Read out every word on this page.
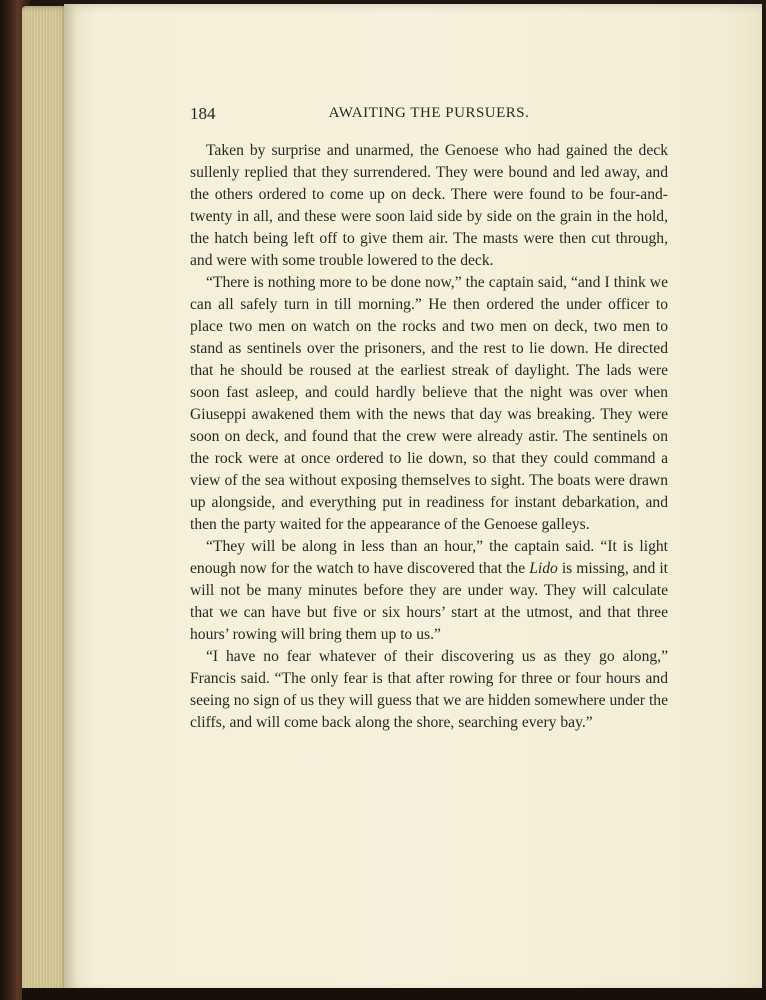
184	AWAITING THE PURSUERS.

Taken by surprise and unarmed, the Genoese who had gained the deck sullenly replied that they surrendered. They were bound and led away, and the others ordered to come up on deck. There were found to be four-and-twenty in all, and these were soon laid side by side on the grain in the hold, the hatch being left off to give them air. The masts were then cut through, and were with some trouble lowered to the deck.

“There is nothing more to be done now,” the captain said, “and I think we can all safely turn in till morning.” He then ordered the under officer to place two men on watch on the rocks and two men on deck, two men to stand as sentinels over the prisoners, and the rest to lie down. He directed that he should be roused at the earliest streak of daylight. The lads were soon fast asleep, and could hardly believe that the night was over when Giuseppi awakened them with the news that day was breaking. They were soon on deck, and found that the crew were already astir. The sentinels on the rock were at once ordered to lie down, so that they could command a view of the sea without exposing themselves to sight. The boats were drawn up alongside, and everything put in readiness for instant debarkation, and then the party waited for the appearance of the Genoese galleys.

“They will be along in less than an hour,” the captain said. “It is light enough now for the watch to have discovered that the Lido is missing, and it will not be many minutes before they are under way. They will calculate that we can have but five or six hours’ start at the utmost, and that three hours’ rowing will bring them up to us.”

“I have no fear whatever of their discovering us as they go along,” Francis said. “The only fear is that after rowing for three or four hours and seeing no sign of us they will guess that we are hidden somewhere under the cliffs, and will come back along the shore, searching every bay.”
